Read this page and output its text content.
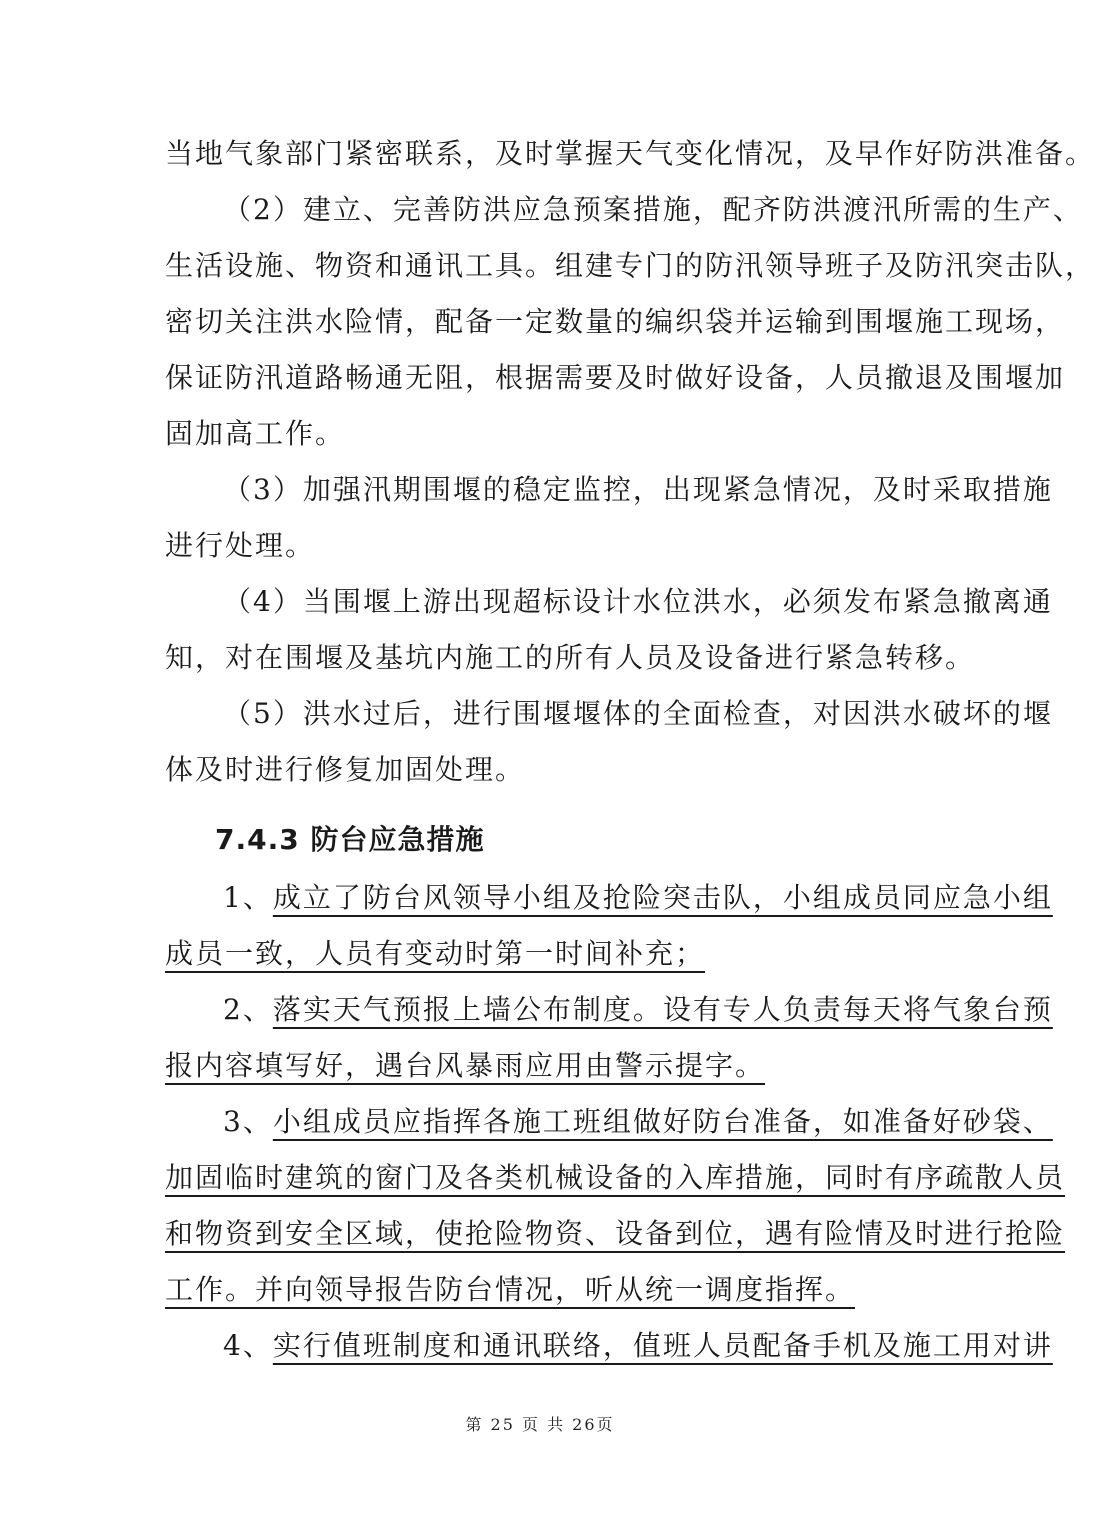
当地气象部门紧密联系，及时掌握天气变化情况，及早作好防洪准备。
（2）建立、完善防洪应急预案措施，配齐防洪渡汛所需的生产、
生活设施、物资和通讯工具。组建专门的防汛领导班子及防汛突击队，
密切关注洪水险情，配备一定数量的编织袋并运输到围堰施工现场，
保证防汛道路畅通无阻，根据需要及时做好设备，人员撤退及围堰加
固加高工作。
（3）加强汛期围堰的稳定监控，出现紧急情况，及时采取措施
进行处理。
（4）当围堰上游出现超标设计水位洪水，必须发布紧急撤离通
知，对在围堰及基坑内施工的所有人员及设备进行紧急转移。
（5）洪水过后，进行围堰堰体的全面检查，对因洪水破坏的堰
体及时进行修复加固处理。
7.4.3 防台应急措施
1、成立了防台风领导小组及抢险突击队，小组成员同应急小组
成员一致，人员有变动时第一时间补充；
2、落实天气预报上墙公布制度。设有专人负责每天将气象台预
报内容填写好，遇台风暴雨应用由警示提字。
3、小组成员应指挥各施工班组做好防台准备，如准备好砂袋、
加固临时建筑的窗门及各类机械设备的入库措施，同时有序疏散人员
和物资到安全区域，使抢险物资、设备到位，遇有险情及时进行抢险
工作。并向领导报告防台情况，听从统一调度指挥。
4、实行值班制度和通讯联络，值班人员配备手机及施工用对讲
第 25 页 共 26页
